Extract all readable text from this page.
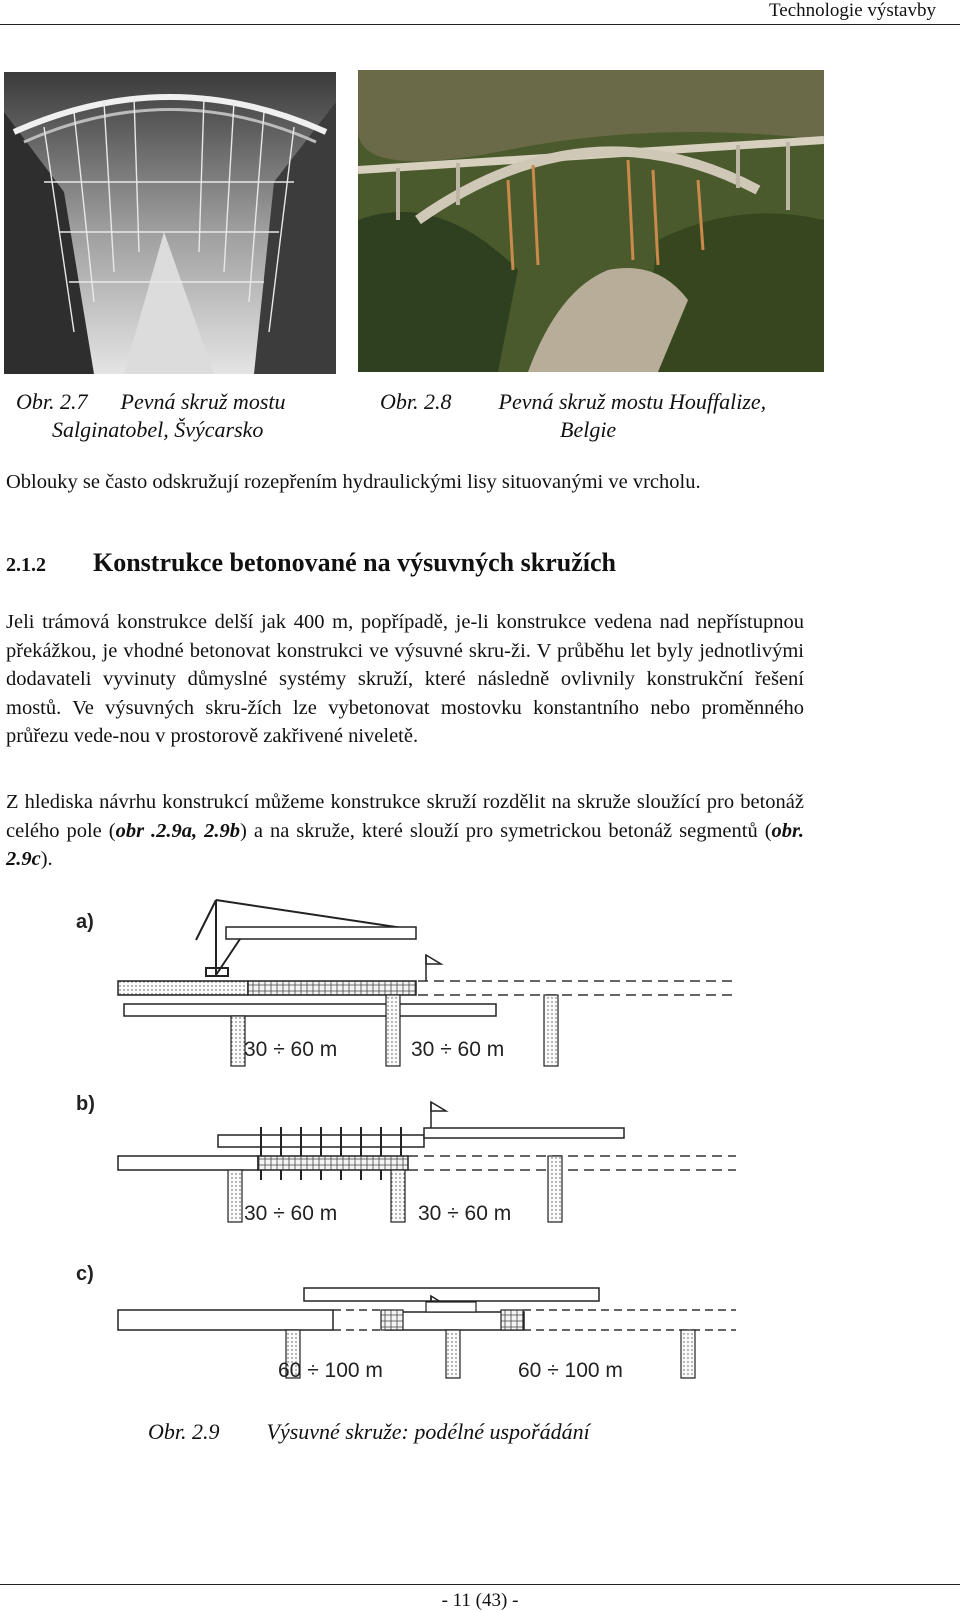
Technologie výstavby
Obr. 2.7 Pevná skruž mostu
Salginatobel, Švýcarsko
Obr. 2.8 Pevná skruž mostu Houffalize,
Belgie
Oblouky se často odskružují rozepřením hydraulickými lisy situovanými ve vrcholu.
2.1.2 Konstrukce betonované na výsuvných skružích
Jeli trámová konstrukce delší jak 400 m, popřípadě, je-li konstrukce vedena nad nepřístupnou překážkou, je vhodné betonovat konstrukci ve výsuvné skru-ži. V průběhu let byly jednotlivými dodavateli vyvinuty důmyslné systémy skruží, které následně ovlivnily konstrukční řešení mostů. Ve výsuvných skru-žích lze vybetonovat mostovku konstantního nebo proměnného průřezu vede-nou v prostorově zakřivené niveletě.
Z hlediska návrhu konstrukcí můžeme konstrukce skruží rozdělit na skruže sloužící pro betonáž celého pole (obr .2.9a, 2.9b) a na skruže, které slouží pro symetrickou betonáž segmentů (obr. 2.9c).
a)
30 ÷ 60 m	30 ÷ 60 m
b)
30 ÷ 60 m	30 ÷ 60 m
c)
60 ÷ 100 m	60 ÷ 100 m
Obr. 2.9 Výsuvné skruže: podélné uspořádání
- 11 (43) -
